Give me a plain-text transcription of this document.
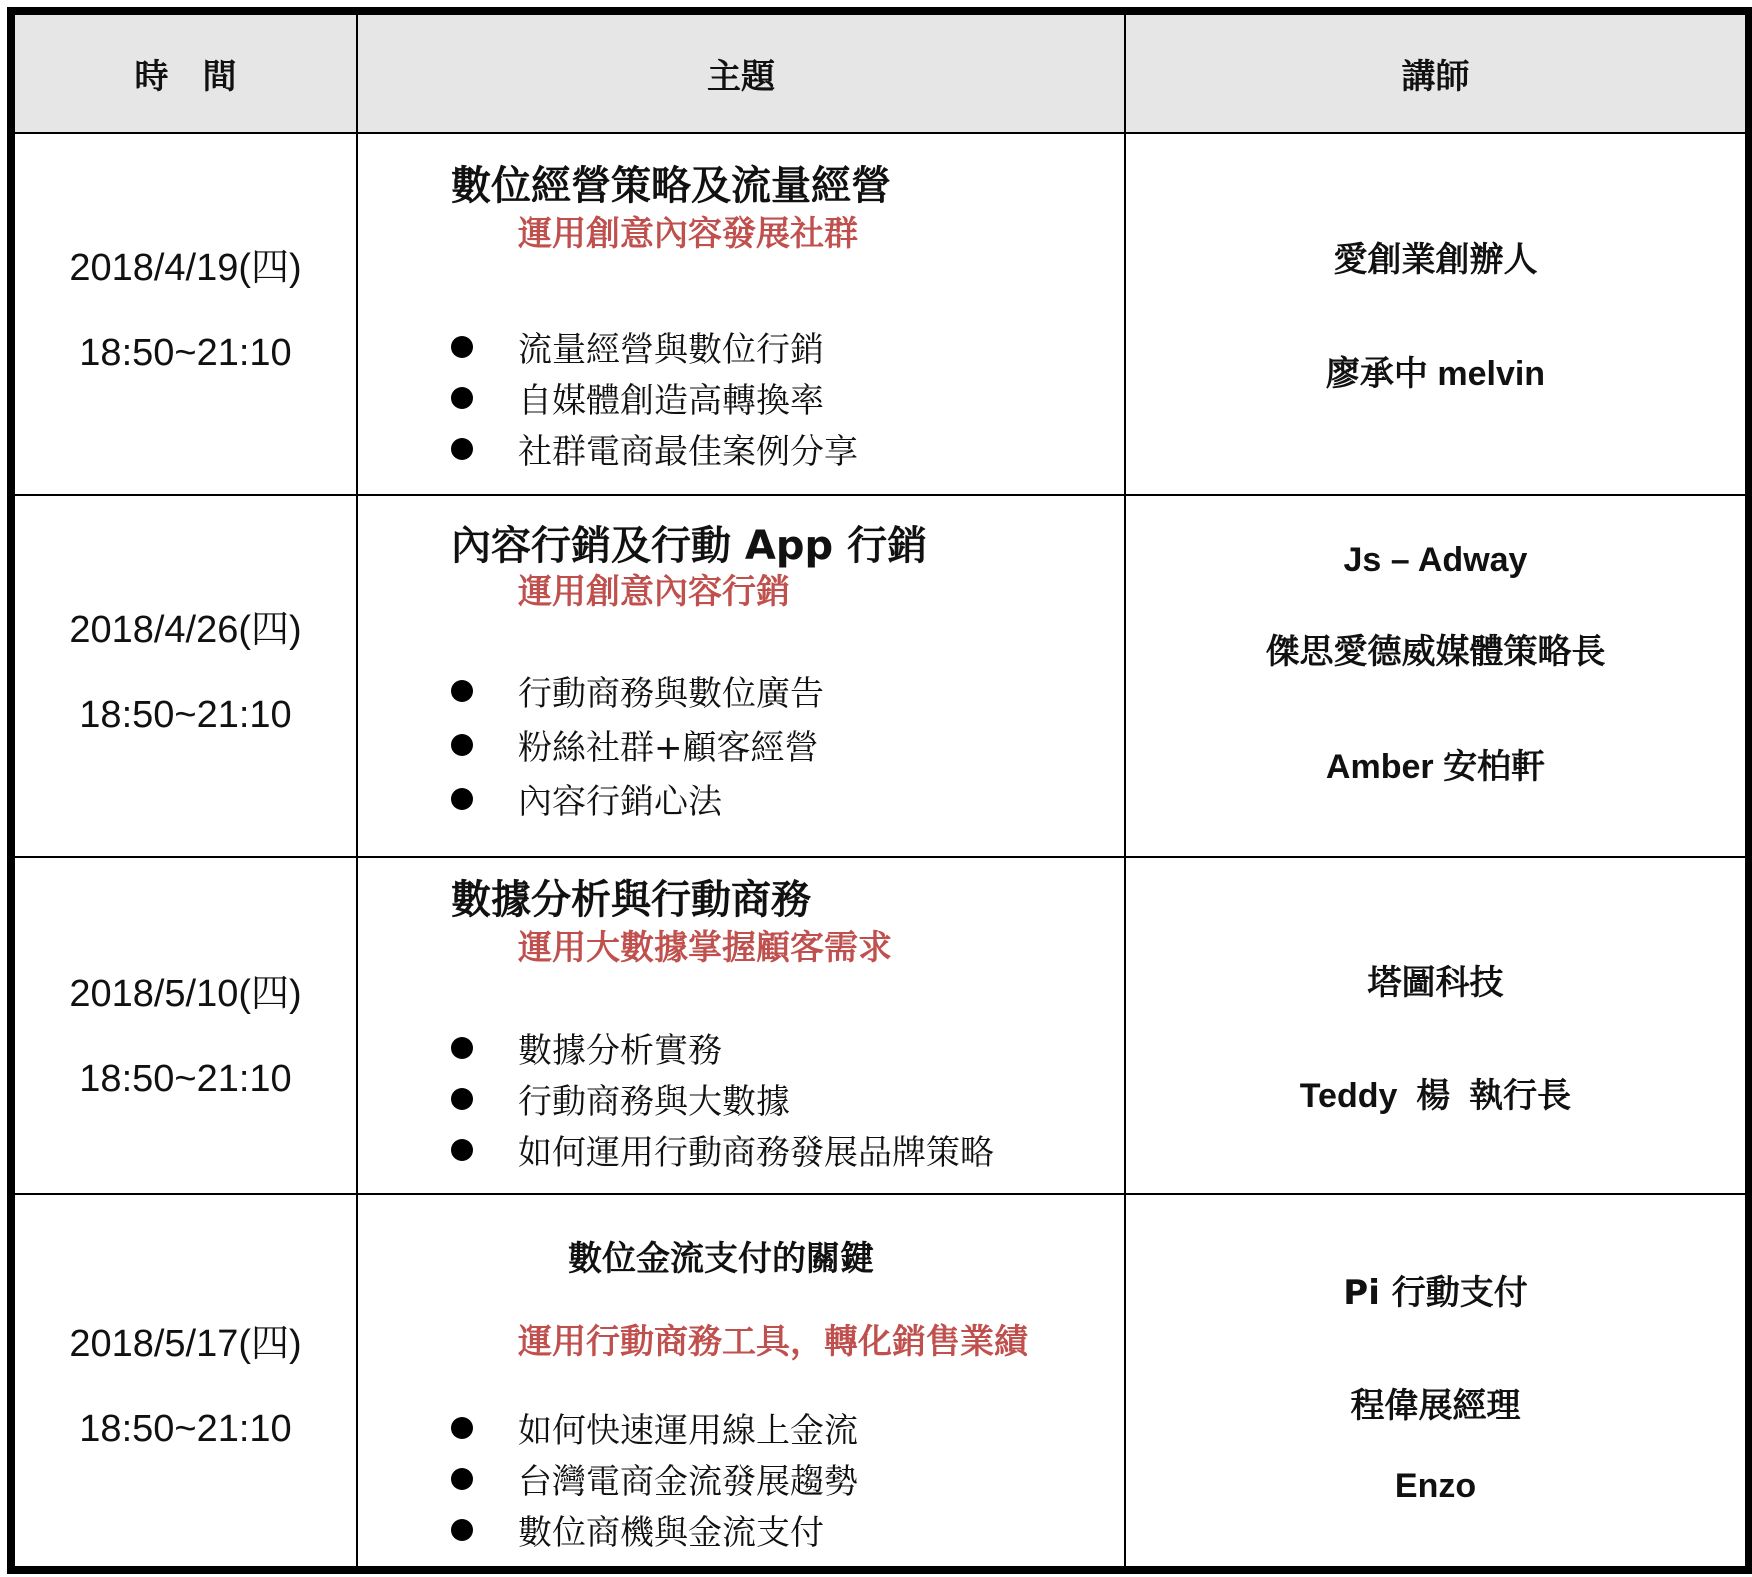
時　間	主題	講師
2018/4/19(四)
18:50~21:10
數位經營策略及流量經營
運用創意內容發展社群
流量經營與數位行銷
自媒體創造高轉換率
社群電商最佳案例分享
愛創業創辦人
廖承中 melvin
2018/4/26(四)
18:50~21:10
內容行銷及行動 App 行銷
運用創意內容行銷
行動商務與數位廣告
粉絲社群+顧客經營
內容行銷心法
Js – Adway
傑思愛德威媒體策略長
Amber 安柏軒
2018/5/10(四)
18:50~21:10
數據分析與行動商務
運用大數據掌握顧客需求
數據分析實務
行動商務與大數據
如何運用行動商務發展品牌策略
塔圖科技
Teddy  楊  執行長
2018/5/17(四)
18:50~21:10
數位金流支付的關鍵
運用行動商務工具，轉化銷售業績
如何快速運用線上金流
台灣電商金流發展趨勢
數位商機與金流支付
Pi 行動支付
程偉展經理
Enzo
